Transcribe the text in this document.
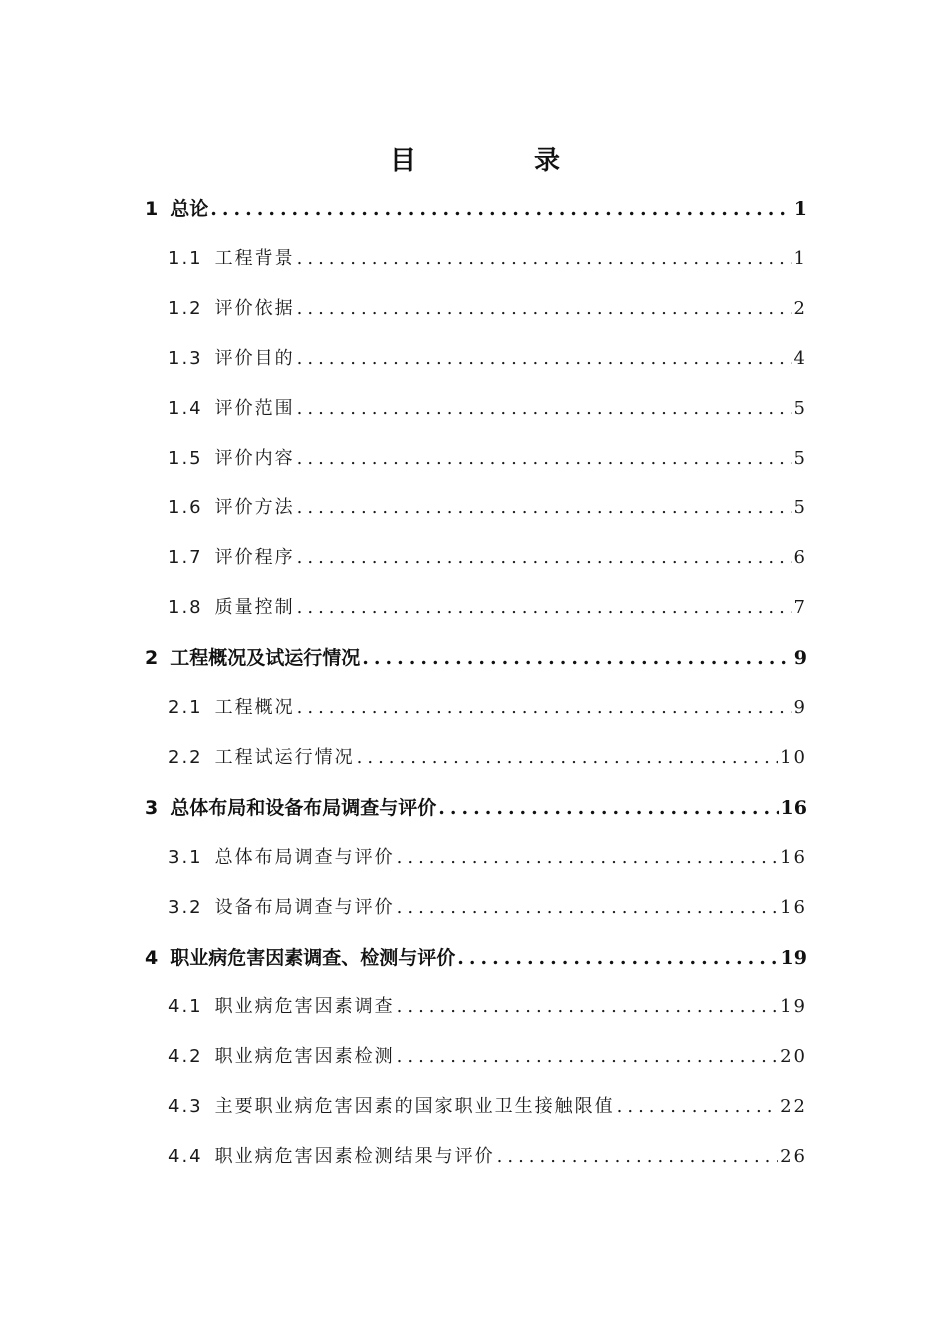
目　录
1 总论 .....	1
1.1 工程背景 .....	1
1.2 评价依据 .....	2
1.3 评价目的 .....	4
1.4 评价范围 .....	5
1.5 评价内容 .....	5
1.6 评价方法 .....	5
1.7 评价程序 .....	6
1.8 质量控制 .....	7
2 工程概况及试运行情况 .....	9
2.1 工程概况 .....	9
2.2 工程试运行情况 .....	10
3 总体布局和设备布局调查与评价 .....	16
3.1 总体布局调查与评价 .....	16
3.2 设备布局调查与评价 .....	16
4 职业病危害因素调查、检测与评价 .....	19
4.1 职业病危害因素调查 .....	19
4.2 职业病危害因素检测 .....	20
4.3 主要职业病危害因素的国家职业卫生接触限值 .....	22
4.4 职业病危害因素检测结果与评价 .....	26
